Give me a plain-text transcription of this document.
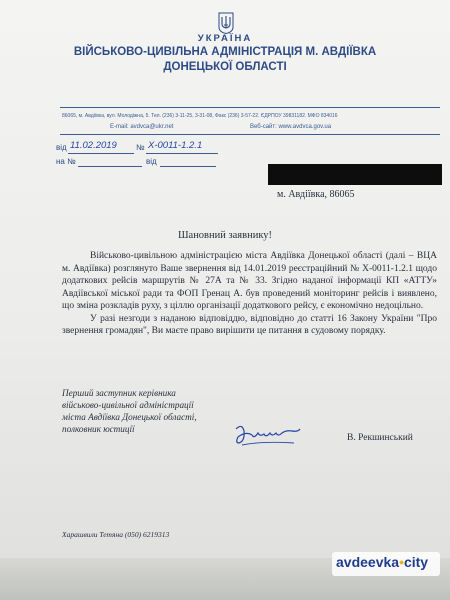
УКРАЇНА
ВІЙСЬКОВО-ЦИВІЛЬНА АДМІНІСТРАЦІЯ М. АВДІЇВКА
ДОНЕЦЬКОЇ ОБЛАСТІ
86065, м. Авдіївка, вул. Молодіжна, 5. Тел. (236) 3-11-25, 3-31-08, Факс (236) 3-57-22. ЄДРПОУ 39831182. МФО 834016
E-mail: avdvca@ukr.net	Веб-сайт: www.avdvca.gov.ua
від 11.02.2019 № Х-0011-1.2.1
на №	від
м. Авдіївка, 86065
Шановний заявнику!

Військово-цивільною адміністрацією міста Авдіївка Донецької області (далі – ВЦА м. Авдіївка) розглянуто Ваше звернення від 14.01.2019 реєстраційний № Х-0011-1.2.1 щодо додаткових рейсів маршрутів № 27А та № 33. Згідно наданої інформації КП «АТТУ» Авдіївської міської ради та ФОП Гренац А. був проведений моніторинг рейсів і виявлено, що зміна розкладів руху, з ціллю організації додаткового рейсу, є економічно недоцільно.

У разі незгоди з наданою відповіддю, відповідно до статті 16 Закону України "Про звернення громадян", Ви маєте право вирішити це питання в судовому порядку.

Перший заступник керівника
військово-цивільної адміністрації
міста Авдіївка Донецької області,
полковник юстиції
В. Рекшинський
Харашвили Тетяна (050) 6219313
avdeevka•city
